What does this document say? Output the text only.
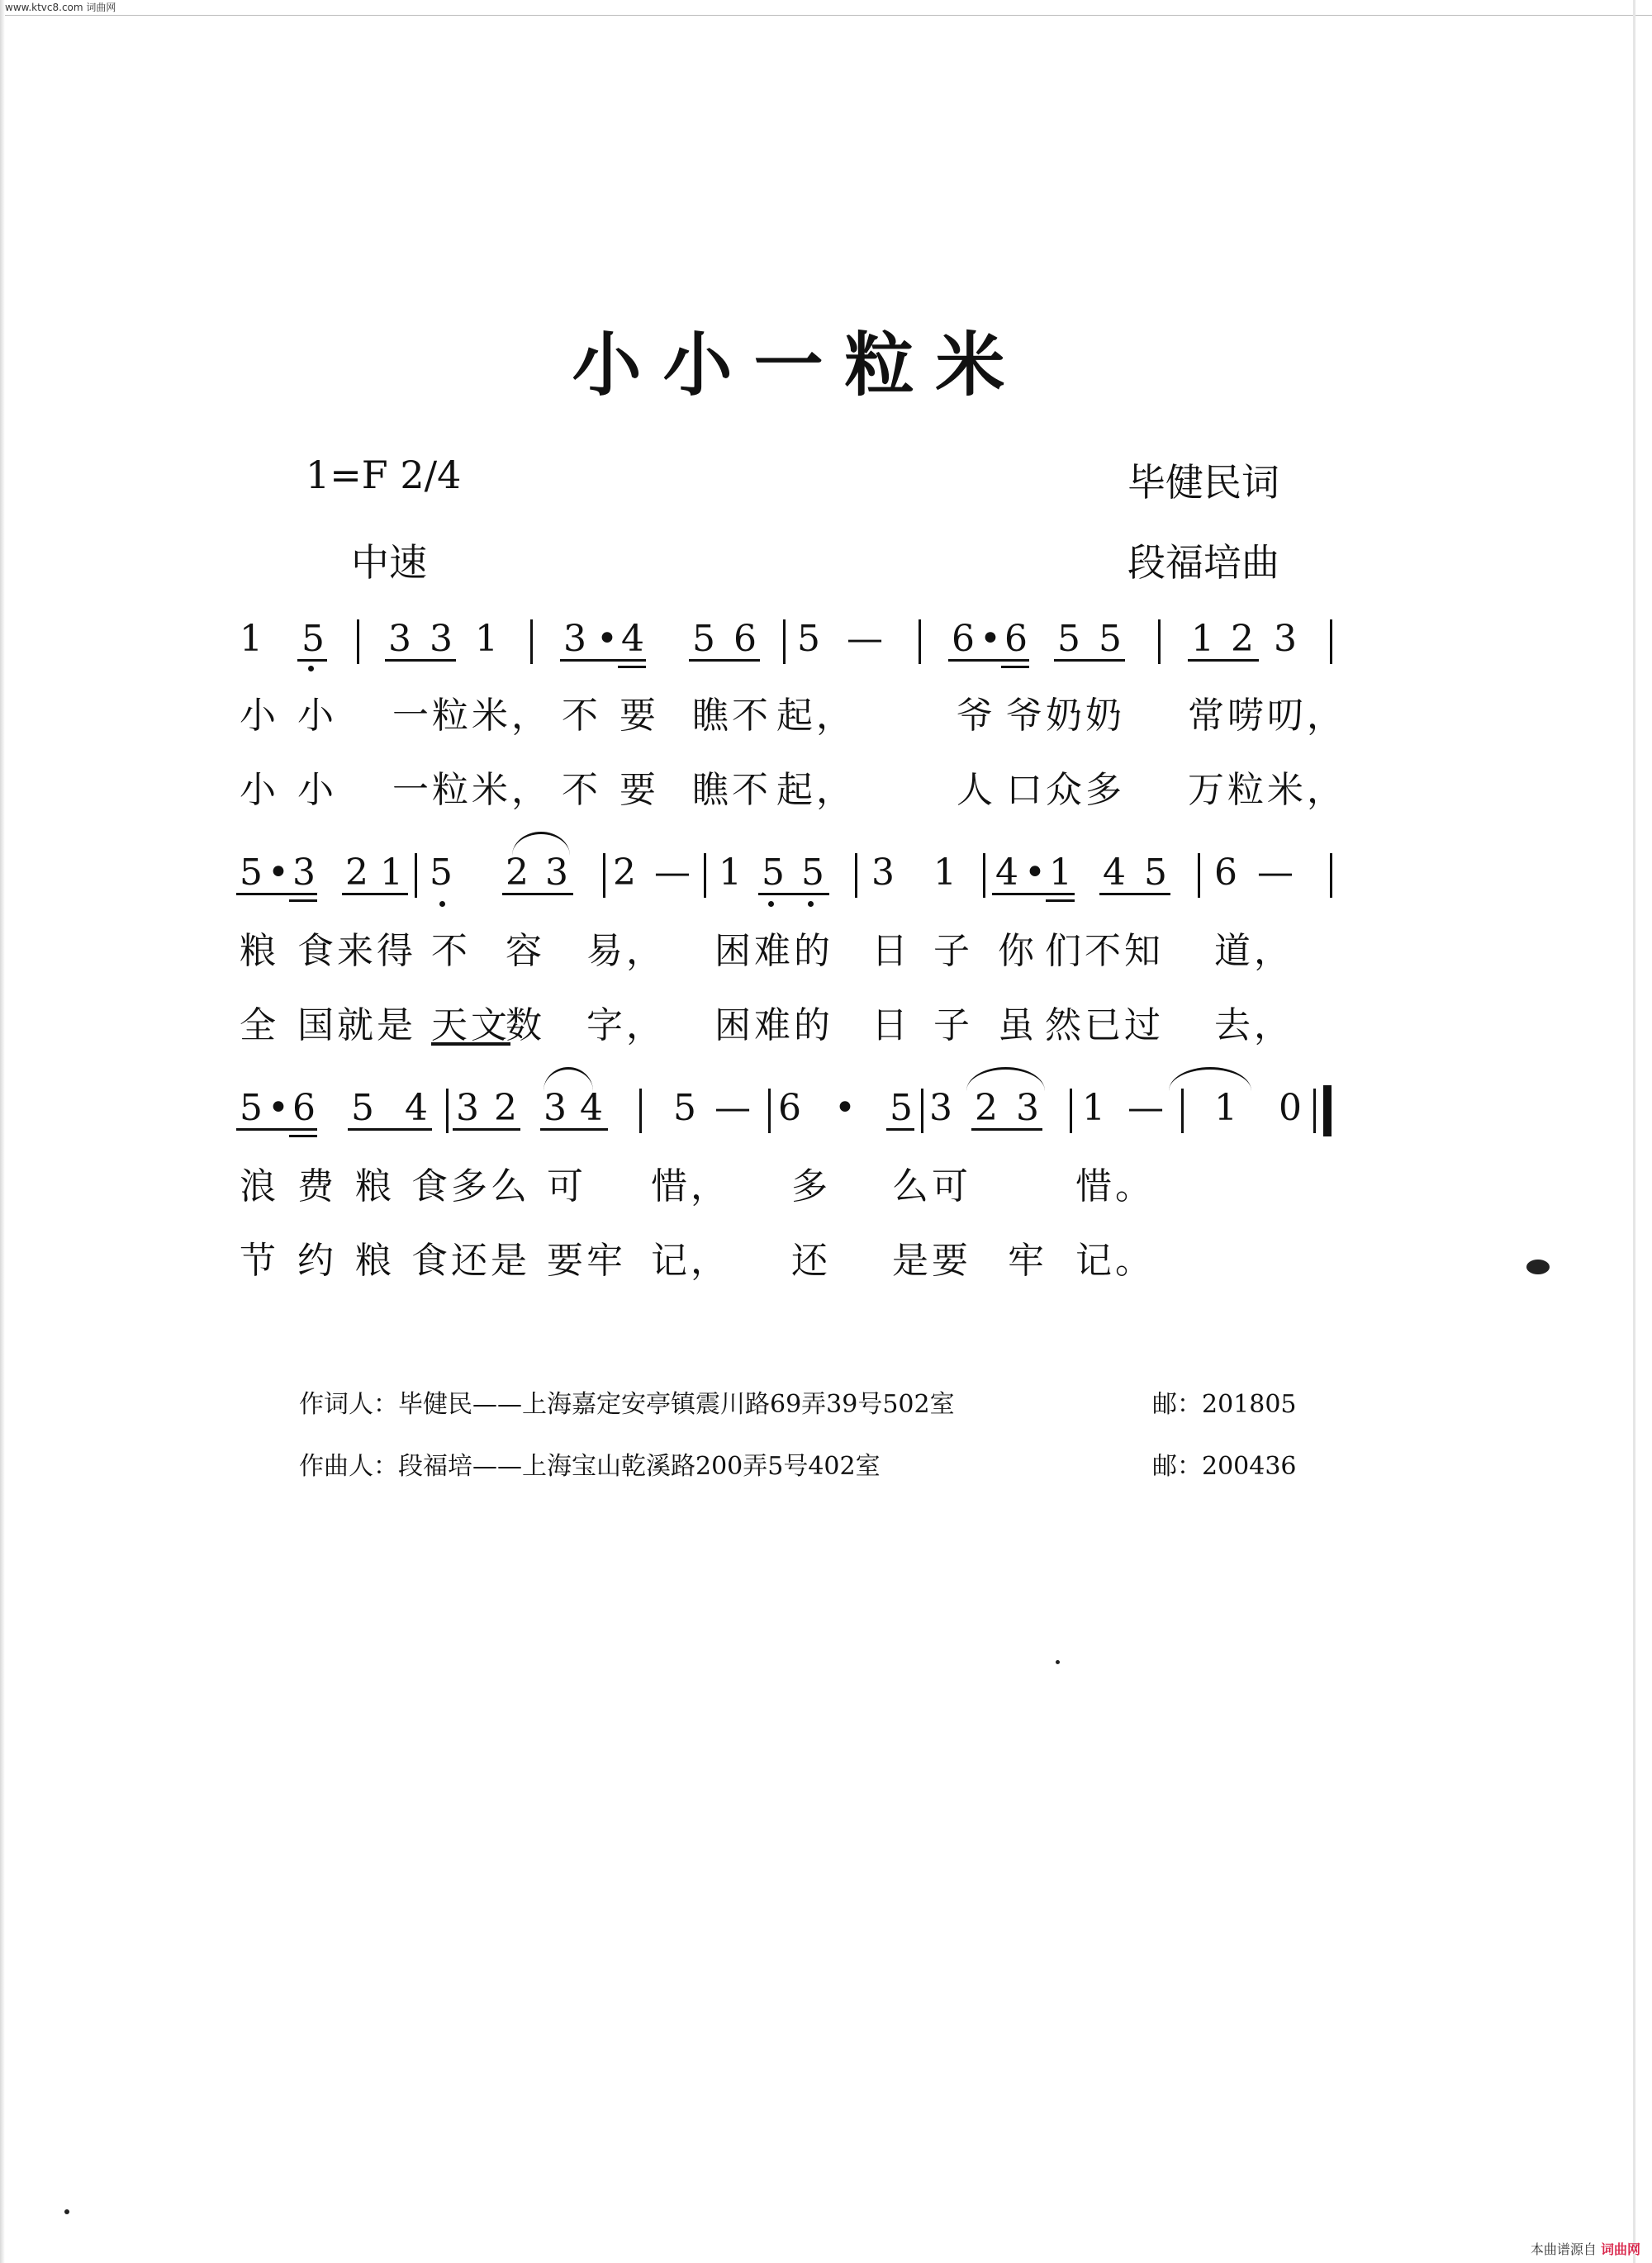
www.ktvc8.com 词曲网
小小一粒米
1=F 2/4
中速
毕健民词
段福培曲
1 5 3 3 1 3 • 4 5 6 5 — 6 • 6 5 5 1 2 3
小 小 一粒米， 不 要 瞧不 起，	爷 爷奶奶 常唠叨，
小 小 一粒米， 不 要 瞧不 起，	人 口众多 万粒米，
5 • 3 2 1 5 2 3 2 — 1 5 5 3 1 4 • 1 4 5 6 —
粮 食来得 不 容 易， 困难的 日 子 你 们不知 道，
全 国就是 天文
数 字， 困难的 日 子 虽 然已过 去，
5 • 6 5 4 3 2 3 4 5 — 6 • 5 3 2 3 1 — 1 0
浪 费 粮 食多么 可 惜， 多 么可	惜。
节 约 粮 食还是 要牢 记， 还 是要 牢 记。
作词人：毕健民——上海嘉定安亭镇震川路69弄39号502室	邮：201805
作曲人：段福培——上海宝山乾溪路200弄5号402室	邮：200436
本曲谱源自 词曲网
